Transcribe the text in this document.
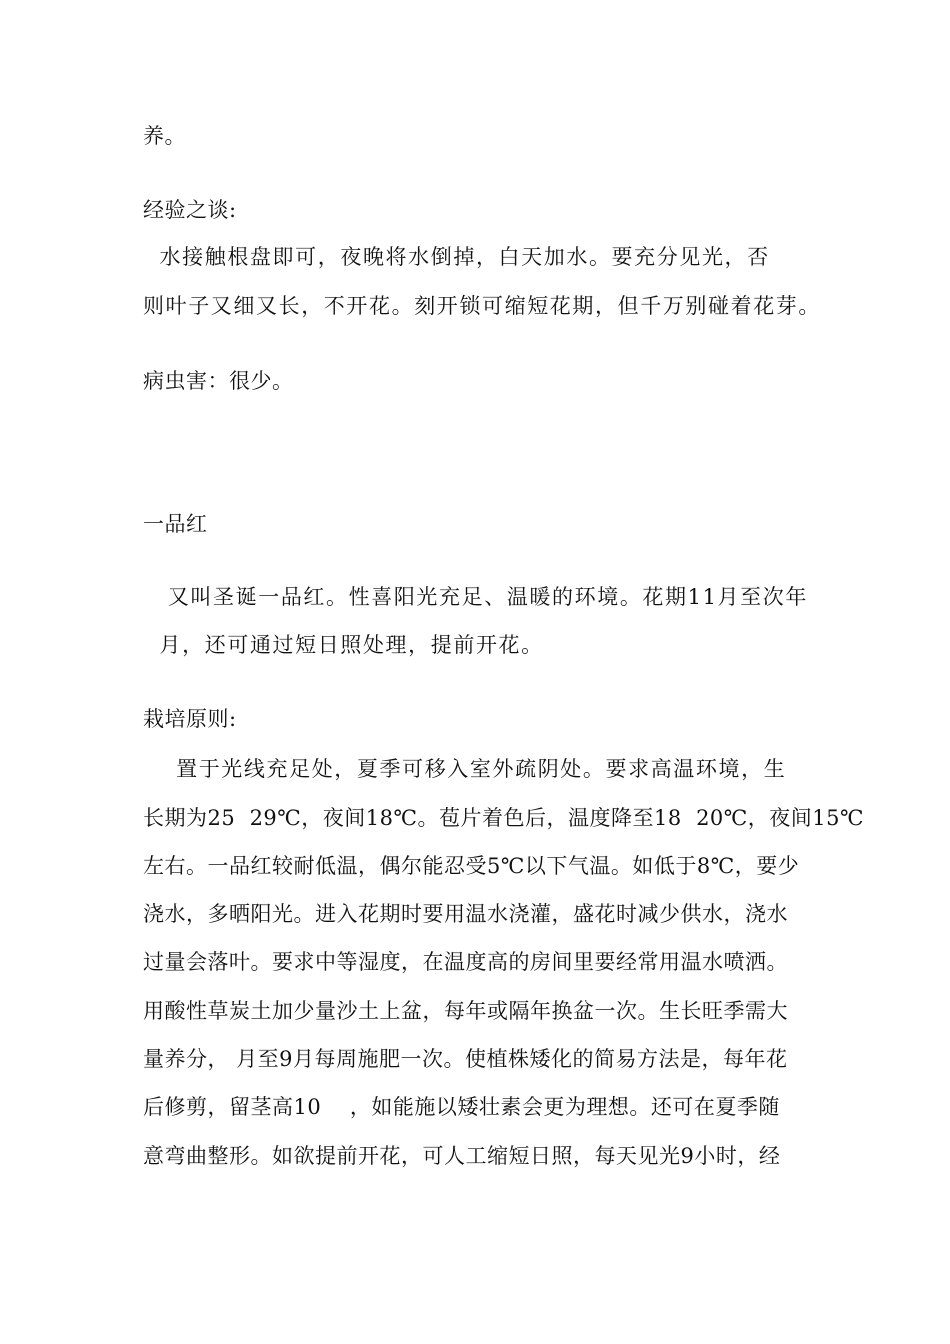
养。
经验之谈:
水接触根盘即可，夜晚将水倒掉，白天加水。要充分见光，否
则叶子又细又长，不开花。刻开锁可缩短花期，但千万别碰着花芽。
病虫害：很少。
一品红
又叫圣诞一品红。性喜阳光充足、温暖的环境。花期11月至次年
月，还可通过短日照处理，提前开花。
栽培原则:
置于光线充足处，夏季可移入室外疏阴处。要求高温环境，生
长期为25  29℃，夜间18℃。苞片着色后，温度降至18  20℃，夜间15℃
左右。一品红较耐低温，偶尔能忍受5℃以下气温。如低于8℃，要少
浇水，多晒阳光。进入花期时要用温水浇灌，盛花时减少供水，浇水
过量会落叶。要求中等湿度，在温度高的房间里要经常用温水喷洒。
用酸性草炭土加少量沙土上盆，每年或隔年换盆一次。生长旺季需大
量养分， 月至9月每周施肥一次。使植株矮化的简易方法是，每年花
后修剪，留茎高10    ，如能施以矮壮素会更为理想。还可在夏季随
意弯曲整形。如欲提前开花，可人工缩短日照，每天见光9小时，经
